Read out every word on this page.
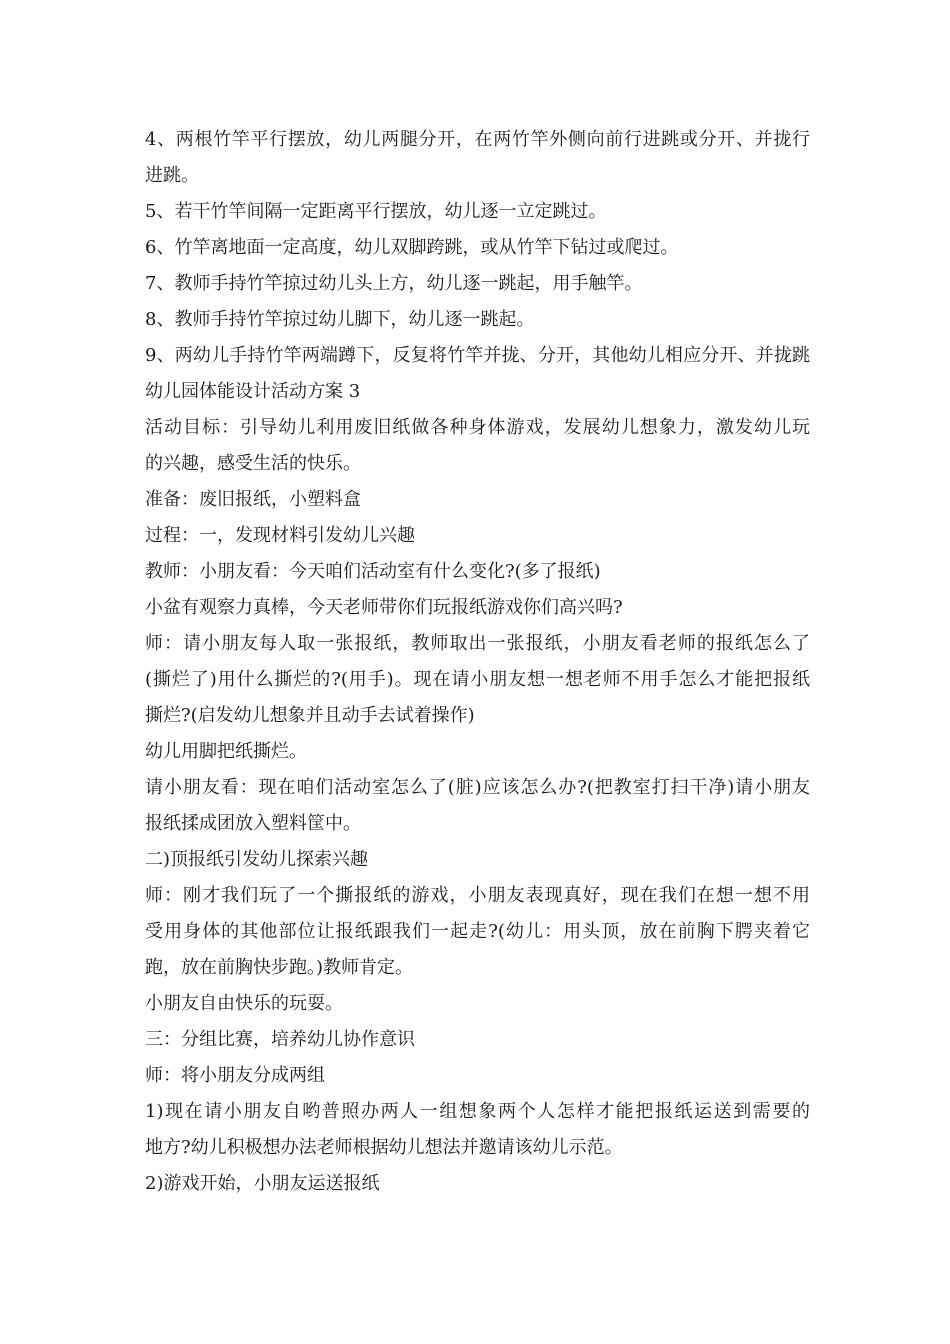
4、两根竹竿平行摆放，幼儿两腿分开，在两竹竿外侧向前行进跳或分开、并拢行
进跳。
5、若干竹竿间隔一定距离平行摆放，幼儿逐一立定跳过。
6、竹竿离地面一定高度，幼儿双脚跨跳，或从竹竿下钻过或爬过。
7、教师手持竹竿掠过幼儿头上方，幼儿逐一跳起，用手触竿。
8、教师手持竹竿掠过幼儿脚下，幼儿逐一跳起。
9、两幼儿手持竹竿两端蹲下，反复将竹竿并拢、分开，其他幼儿相应分开、并拢跳
幼儿园体能设计活动方案 3
活动目标：引导幼儿利用废旧纸做各种身体游戏，发展幼儿想象力，激发幼儿玩
的兴趣，感受生活的快乐。
准备：废旧报纸，小塑料盒
过程：一，发现材料引发幼儿兴趣
教师：小朋友看：今天咱们活动室有什么变化?(多了报纸)
小盆有观察力真棒，今天老师带你们玩报纸游戏你们高兴吗?
师：请小朋友每人取一张报纸，教师取出一张报纸，小朋友看老师的报纸怎么了
(撕烂了)用什么撕烂的?(用手)。现在请小朋友想一想老师不用手怎么才能把报纸
撕烂?(启发幼儿想象并且动手去试着操作)
幼儿用脚把纸撕烂。
请小朋友看：现在咱们活动室怎么了(脏)应该怎么办?(把教室打扫干净)请小朋友
报纸揉成团放入塑料筐中。
二)顶报纸引发幼儿探索兴趣
师：刚才我们玩了一个撕报纸的游戏，小朋友表现真好，现在我们在想一想不用
受用身体的其他部位让报纸跟我们一起走?(幼儿：用头顶，放在前胸下腭夹着它
跑，放在前胸快步跑。)教师肯定。
小朋友自由快乐的玩耍。
三：分组比赛，培养幼儿协作意识
师：将小朋友分成两组
1)现在请小朋友自哟普照办两人一组想象两个人怎样才能把报纸运送到需要的
地方?幼儿积极想办法老师根据幼儿想法并邀请该幼儿示范。
2)游戏开始，小朋友运送报纸
